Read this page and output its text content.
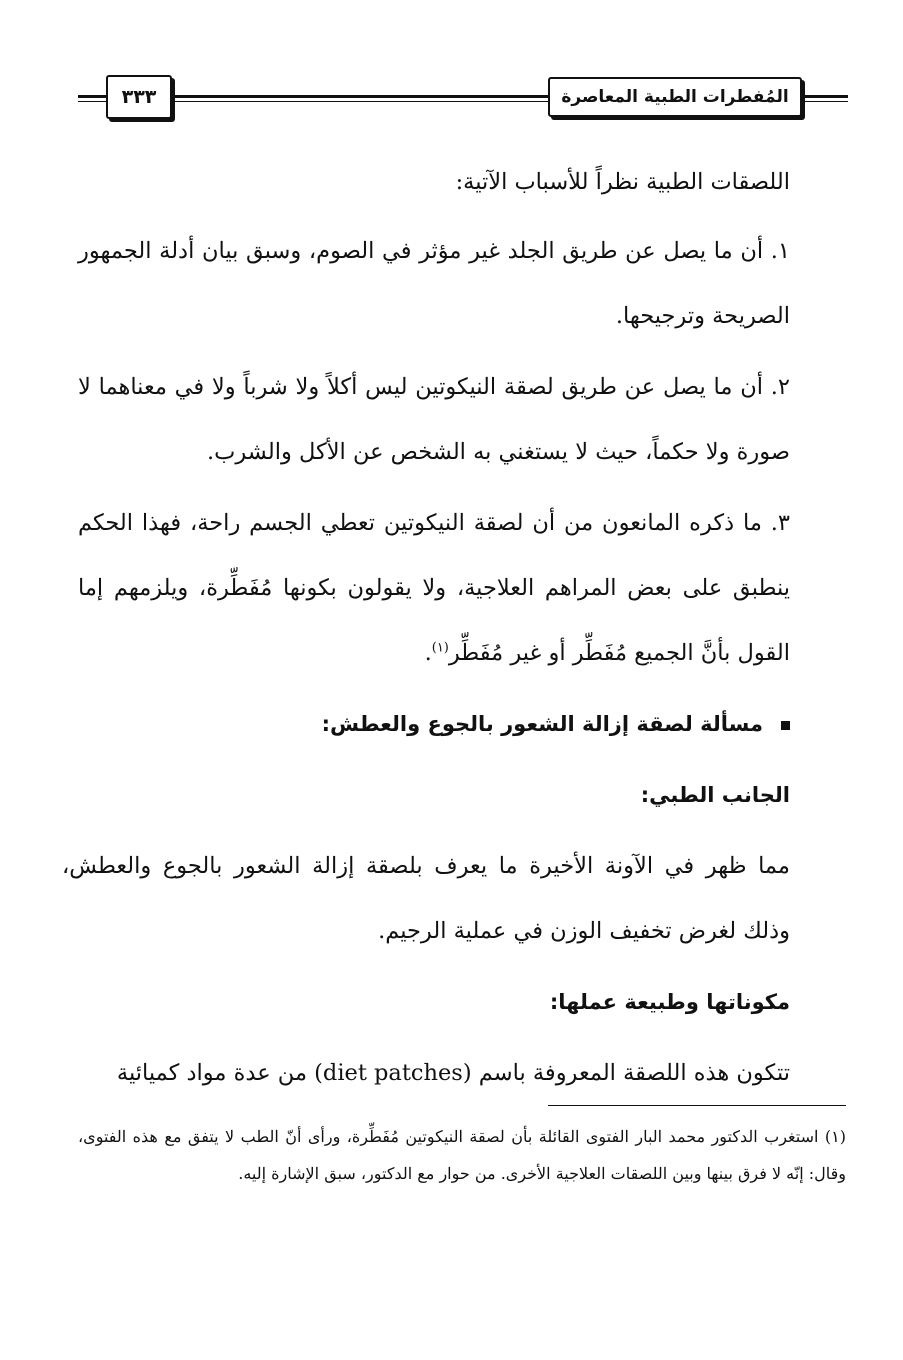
٣٣٣	المُفطرات الطبية المعاصرة

اللصقات الطبية نظراً للأسباب الآتية:

١. أن ما يصل عن طريق الجلد غير مؤثر في الصوم، وسبق بيان أدلة الجمهور الصريحة وترجيحها.

٢. أن ما يصل عن طريق لصقة النيكوتين ليس أكلاً ولا شرباً ولا في معناهما لا صورة ولا حكماً، حيث لا يستغني به الشخص عن الأكل والشرب.

٣. ما ذكره المانعون من أن لصقة النيكوتين تعطي الجسم راحة، فهذا الحكم ينطبق على بعض المراهم العلاجية، ولا يقولون بكونها مُفَطِّرة، ويلزمهم إما القول بأنَّ الجميع مُفَطِّر أو غير مُفَطِّر$^{(١)}$.

مسألة لصقة إزالة الشعور بالجوع والعطش:

الجانب الطبي:

مما ظهر في الآونة الأخيرة ما يعرف بلصقة إزالة الشعور بالجوع والعطش، وذلك لغرض تخفيف الوزن في عملية الرجيم.

مكوناتها وطبيعة عملها:

تتكون هذه اللصقة المعروفة باسم (diet patches) من عدة مواد كميائية

(١) استغرب الدكتور محمد البار الفتوى القائلة بأن لصقة النيكوتين مُفَطِّرة، ورأى أنّ الطب لا يتفق مع هذه الفتوى، وقال: إنّه لا فرق بينها وبين اللصقات العلاجية الأخرى. من حوار مع الدكتور، سبق الإشارة إليه.
